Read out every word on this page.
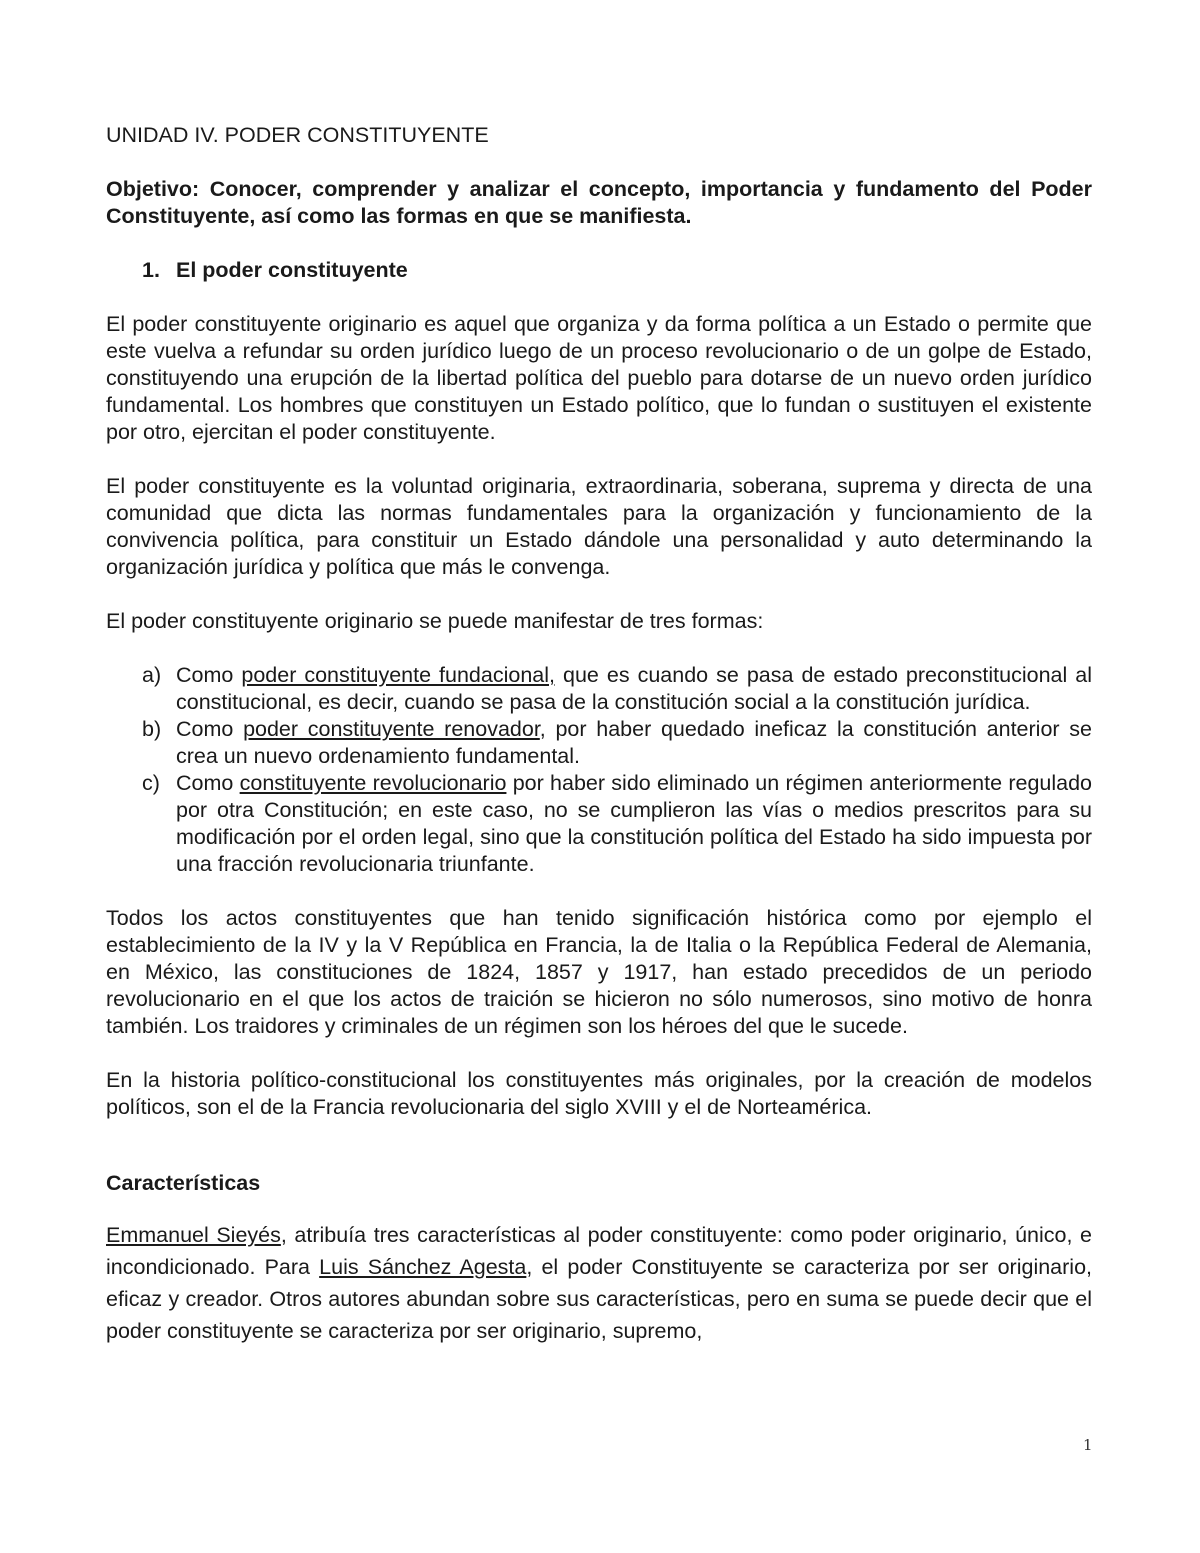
UNIDAD IV. PODER CONSTITUYENTE
Objetivo: Conocer, comprender y analizar el concepto, importancia y fundamento del Poder Constituyente, así como las formas en que se manifiesta.
1. El poder constituyente

El poder constituyente originario es aquel que organiza y da forma política a un Estado o permite que este vuelva a refundar su orden jurídico luego de un proceso revolucionario o de un golpe de Estado, constituyendo una erupción de la libertad política del pueblo para dotarse de un nuevo orden jurídico fundamental. Los hombres que constituyen un Estado político, que lo fundan o sustituyen el existente por otro, ejercitan el poder constituyente.

El poder constituyente es la voluntad originaria, extraordinaria, soberana, suprema y directa de una comunidad que dicta las normas fundamentales para la organización y funcionamiento de la convivencia política, para constituir un Estado dándole una personalidad y auto determinando la organización jurídica y política que más le convenga.

El poder constituyente originario se puede manifestar de tres formas:

a) Como poder constituyente fundacional, que es cuando se pasa de estado preconstitucional al constitucional, es decir, cuando se pasa de la constitución social a la constitución jurídica.
b) Como poder constituyente renovador, por haber quedado ineficaz la constitución anterior se crea un nuevo ordenamiento fundamental.
c) Como constituyente revolucionario por haber sido eliminado un régimen anteriormente regulado por otra Constitución; en este caso, no se cumplieron las vías o medios prescritos para su modificación por el orden legal, sino que la constitución política del Estado ha sido impuesta por una fracción revolucionaria triunfante.

Todos los actos constituyentes que han tenido significación histórica como por ejemplo el establecimiento de la IV y la V República en Francia, la de Italia o la República Federal de Alemania, en México, las constituciones de 1824, 1857 y 1917, han estado precedidos de un periodo revolucionario en el que los actos de traición se hicieron no sólo numerosos, sino motivo de honra también. Los traidores y criminales de un régimen son los héroes del que le sucede.

En la historia político-constitucional los constituyentes más originales, por la creación de modelos políticos, son el de la Francia revolucionaria del siglo XVIII y el de Norteamérica.

Características

Emmanuel Sieyés, atribuía tres características al poder constituyente: como poder originario, único, e incondicionado. Para Luis Sánchez Agesta, el poder Constituyente se caracteriza por ser originario, eficaz y creador. Otros autores abundan sobre sus características, pero en suma se puede decir que el poder constituyente se caracteriza por ser originario, supremo,

1
